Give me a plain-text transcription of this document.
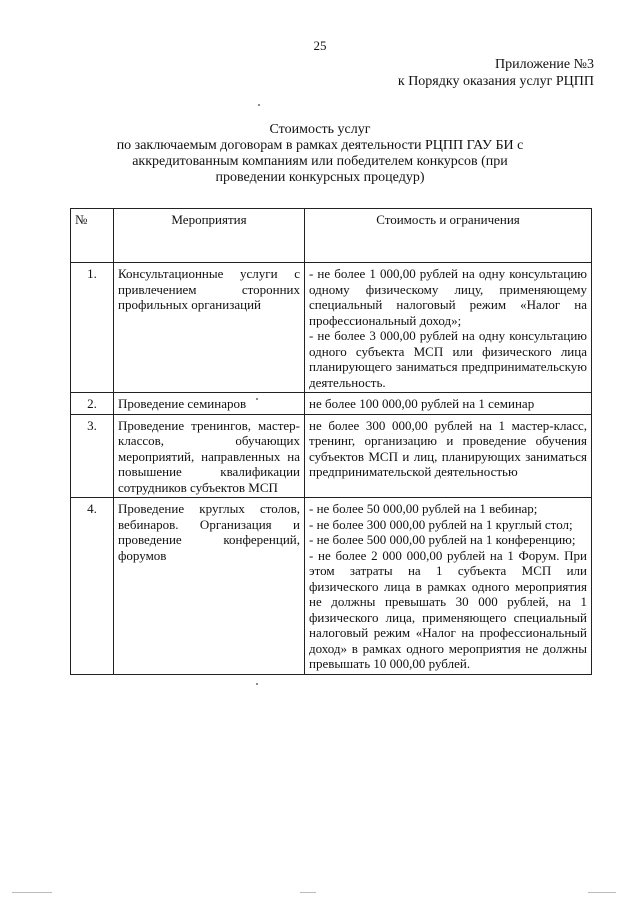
25
Приложение №3
к Порядку оказания услуг РЦПП
Стоимость услуг
по заключаемым договорам в рамках деятельности РЦПП ГАУ БИ с
аккредитованным компаниям или победителем конкурсов (при
проведении конкурсных процедур)
№	Мероприятия	Стоимость и ограничения
1.	Консультационные услуги с привлечением сторонних профильных организаций	- не более 1 000,00 рублей на одну консультацию одному физическому лицу, применяющему специальный налоговый режим «Налог на профессиональный доход»;
- не более 3 000,00 рублей на одну консультацию одного субъекта МСП или физического лица планирующего заниматься предпринимательскую деятельность.

2.	Проведение семинаров	не более 100 000,00 рублей на 1 семинар

3.	Проведение тренингов, мастер-классов, обучающих мероприятий, направленных на повышение квалификации сотрудников субъектов МСП	не более 300 000,00 рублей на 1 мастер-класс, тренинг, организацию и проведение обучения субъектов МСП и лиц, планирующих заниматься предпринимательской деятельностью

4.	Проведение круглых столов, вебинаров. Организация и проведение конференций, форумов	- не более 50 000,00 рублей на 1 вебинар;
- не более 300 000,00 рублей на 1 круглый стол;
- не более 500 000,00 рублей на 1 конференцию;
- не более 2 000 000,00 рублей на 1 Форум. При этом затраты на 1 субъекта МСП или физического лица в рамках одного мероприятия не должны превышать 30 000 рублей, на 1 физического лица, применяющего специальный налоговый режим «Налог на профессиональный доход» в рамках одного мероприятия не должны превышать 10 000,00 рублей.
